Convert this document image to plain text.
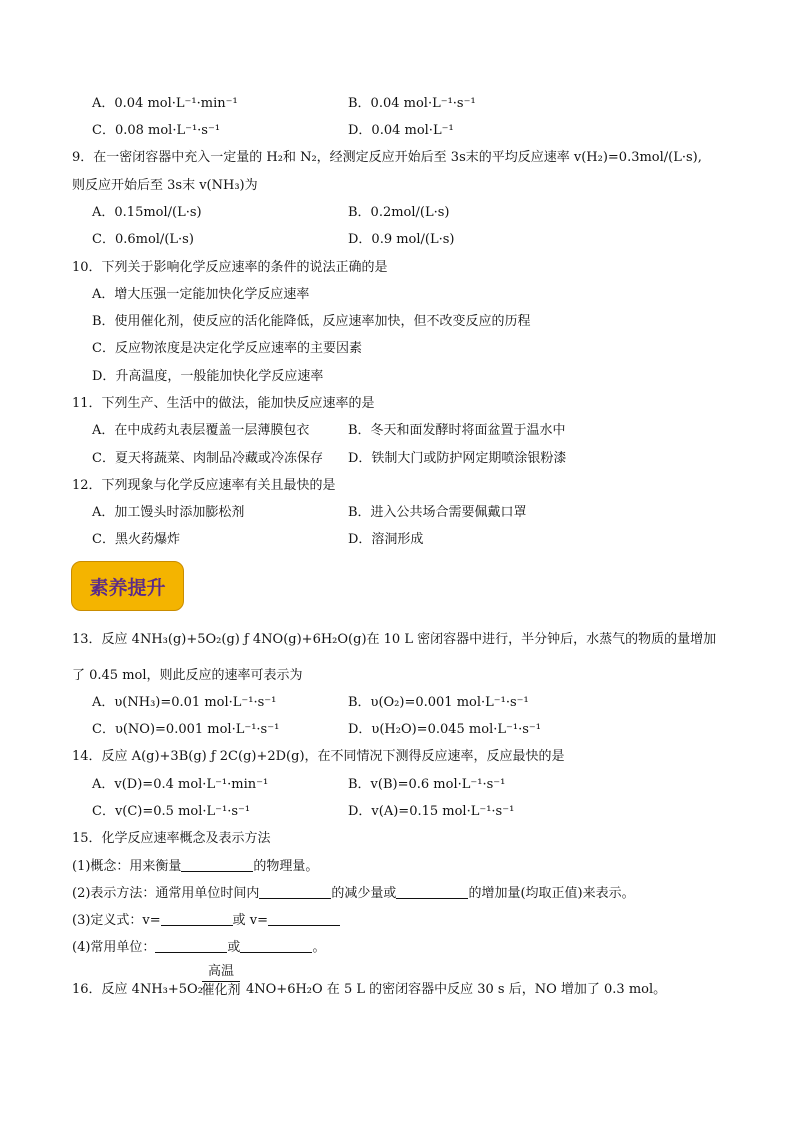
A．0.04 mol·L⁻¹·min⁻¹	B．0.04 mol·L⁻¹·s⁻¹
C．0.08 mol·L⁻¹·s⁻¹	D．0.04 mol·L⁻¹
9．在一密闭容器中充入一定量的 H₂和 N₂，经测定反应开始后至 3s末的平均反应速率 v(H₂)=0.3mol/(L·s),
则反应开始后至 3s末 v(NH₃)为
A．0.15mol/(L·s)	B．0.2mol/(L·s)
C．0.6mol/(L·s)	D．0.9 mol/(L·s)
10．下列关于影响化学反应速率的条件的说法正确的是
A．增大压强一定能加快化学反应速率
B．使用催化剂，使反应的活化能降低，反应速率加快，但不改变反应的历程
C．反应物浓度是决定化学反应速率的主要因素
D．升高温度，一般能加快化学反应速率
11．下列生产、生活中的做法，能加快反应速率的是
A．在中成药丸表层覆盖一层薄膜包衣	B．冬天和面发酵时将面盆置于温水中
C．夏天将蔬菜、肉制品冷藏或冷冻保存 D．铁制大门或防护网定期喷涂银粉漆
12．下列现象与化学反应速率有关且最快的是
A．加工馒头时添加膨松剂	B．进入公共场合需要佩戴口罩
C．黑火药爆炸	D．溶洞形成
素养提升
13．反应 4NH₃(g)+5O₂(g) ƒ 4NO(g)+6H₂O(g)在 10 L 密闭容器中进行，半分钟后，水蒸气的物质的量增加
了 0.45 mol，则此反应的速率可表示为
A．υ(NH₃)=0.01 mol·L⁻¹·s⁻¹	B．υ(O₂)=0.001 mol·L⁻¹·s⁻¹
C．υ(NO)=0.001 mol·L⁻¹·s⁻¹	D．υ(H₂O)=0.045 mol·L⁻¹·s⁻¹
14．反应 A(g)+3B(g) ƒ 2C(g)+2D(g)，在不同情况下测得反应速率，反应最快的是
A．v(D)=0.4 mol·L⁻¹·min⁻¹	B．v(B)=0.6 mol·L⁻¹·s⁻¹
C．v(C)=0.5 mol·L⁻¹·s⁻¹	D．v(A)=0.15 mol·L⁻¹·s⁻¹
15．化学反应速率概念及表示方法
(1)概念：用来衡量	的物理量。
(2)表示方法：通常用单位时间内	的减少量或	的增加量(均取正值)来表示。
(3)定义式：v=	或 v=
(4)常用单位：	或	。
16．反应 4NH₃+5O₂
高温
催化剂 4NO+6H₂O 在 5 L 的密闭容器中反应 30 s 后，NO 增加了 0.3 mol。
